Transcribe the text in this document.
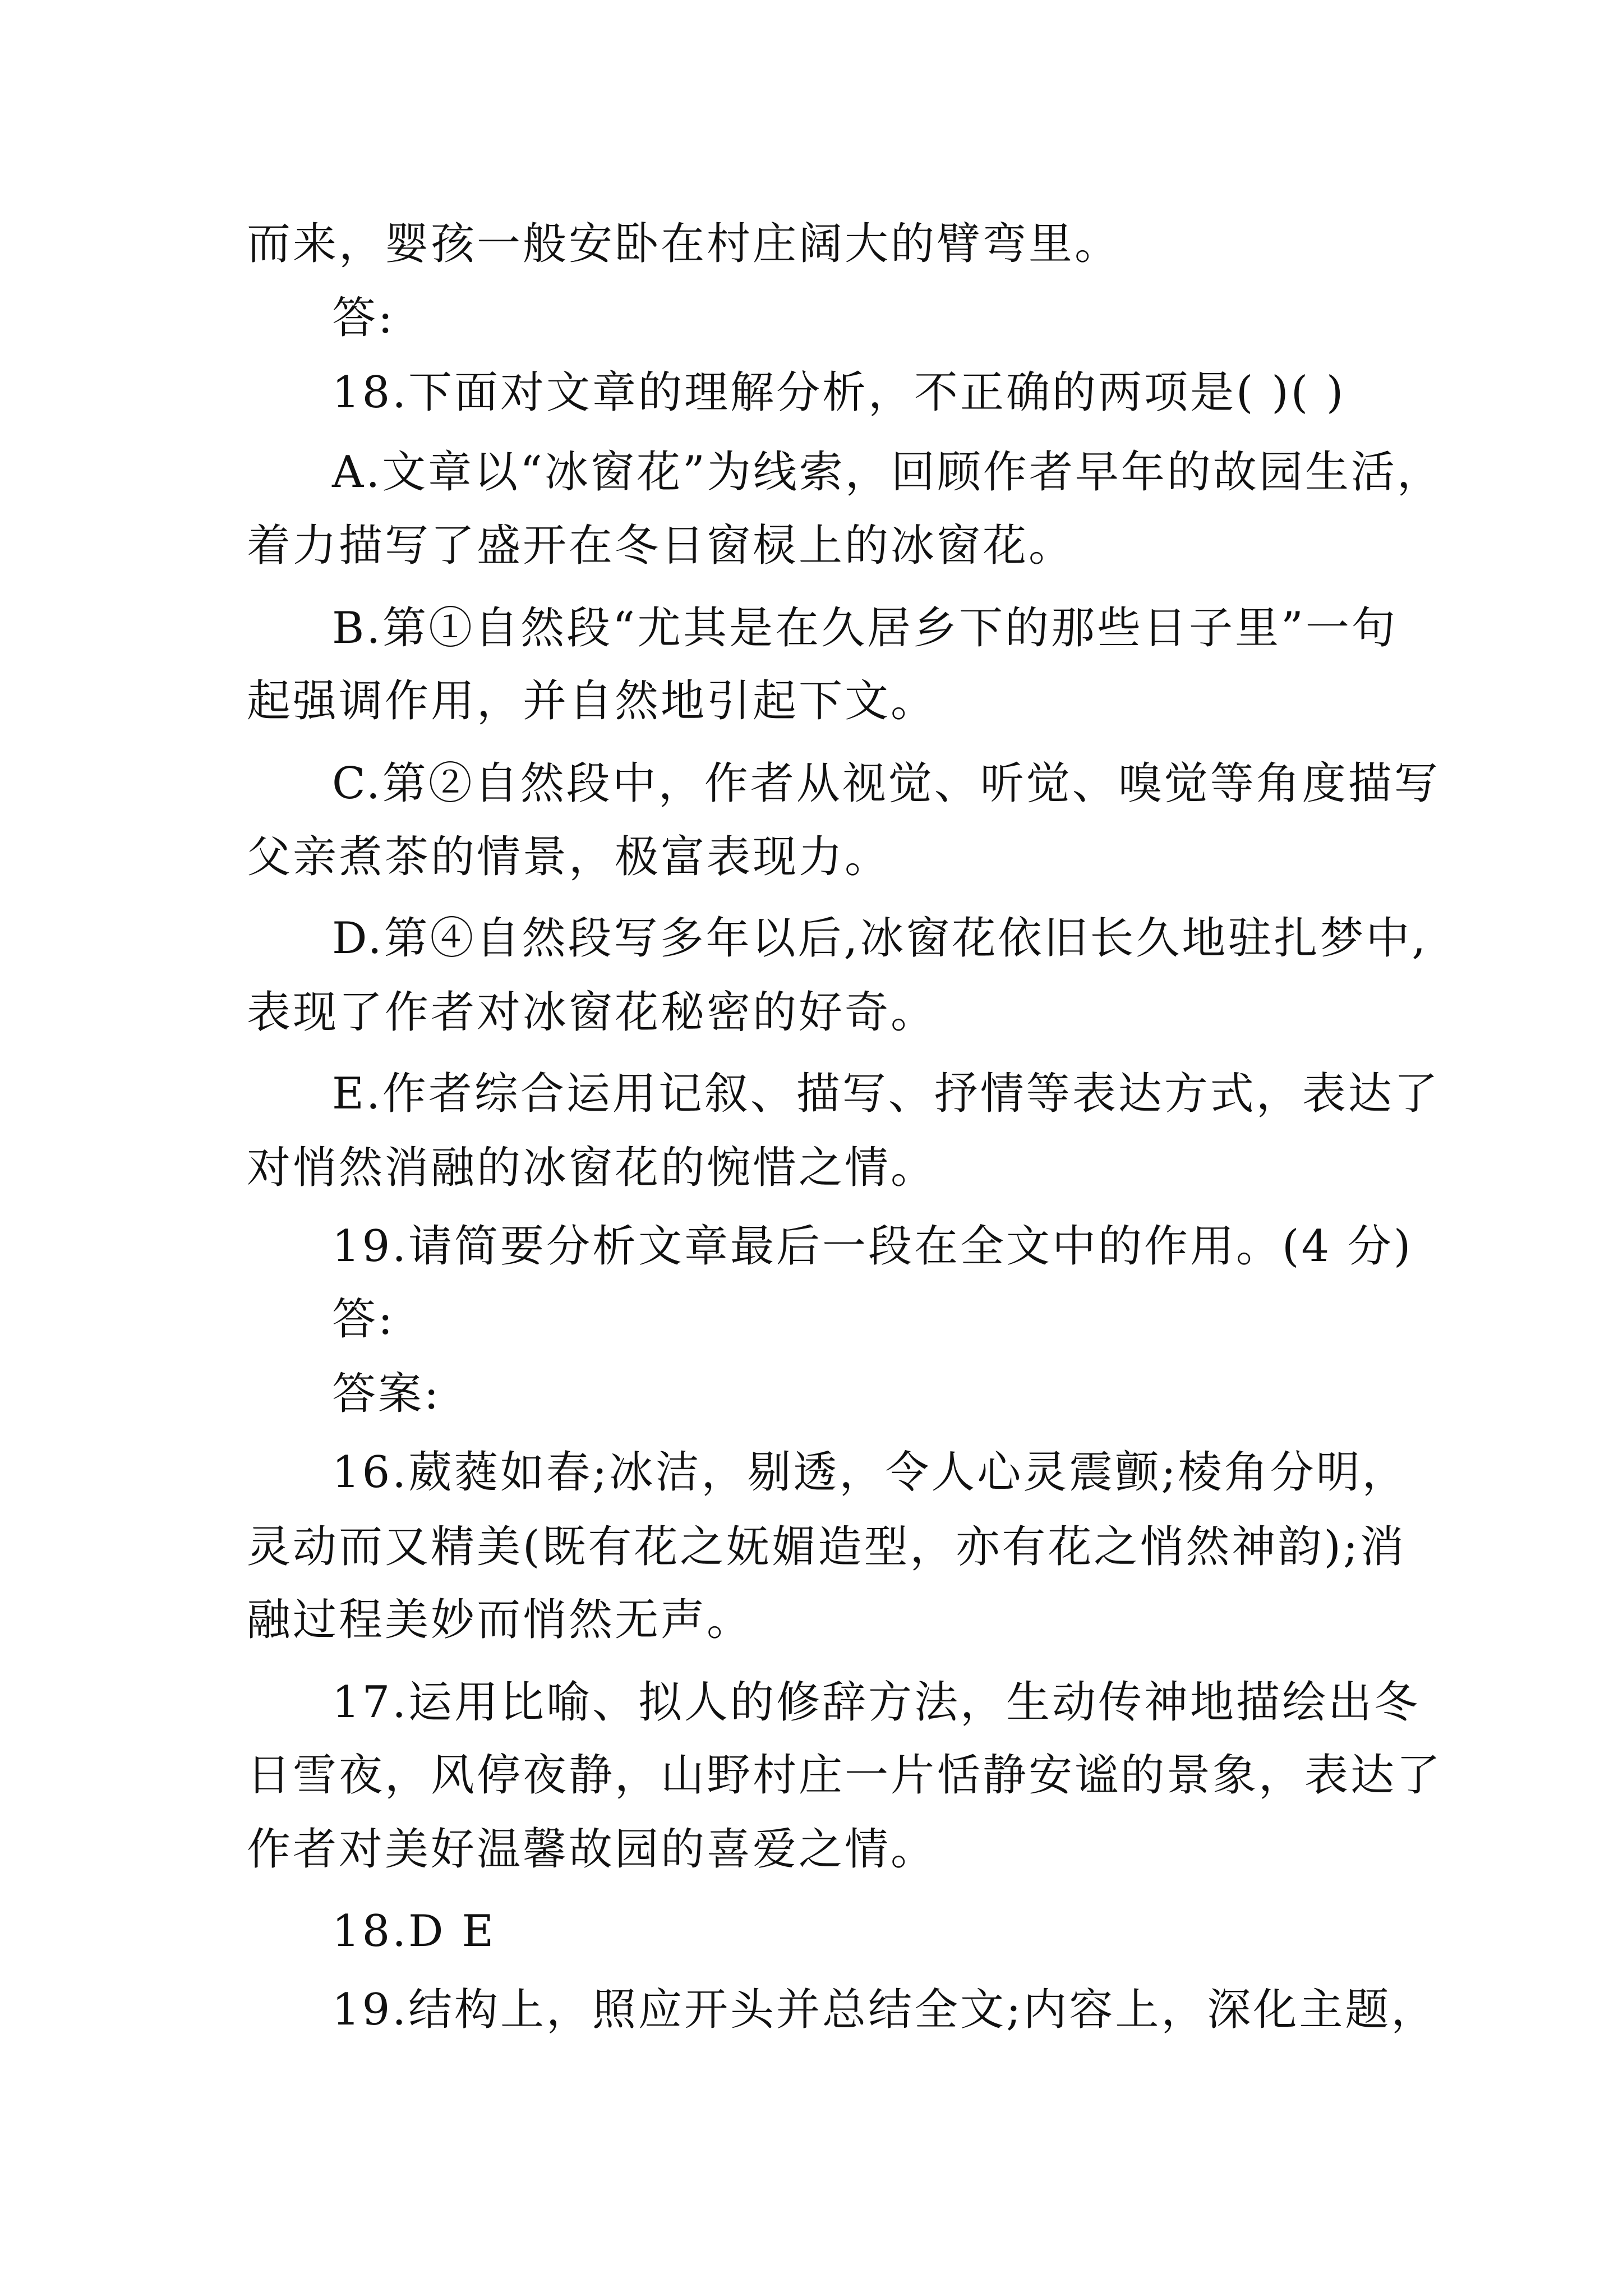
而来，婴孩一般安卧在村庄阔大的臂弯里。
答:
18.下面对文章的理解分析，不正确的两项是( )( )
A.文章以“冰窗花”为线索，回顾作者早年的故园生活，
着力描写了盛开在冬日窗棂上的冰窗花。
B.第①自然段“尤其是在久居乡下的那些日子里”一句
起强调作用，并自然地引起下文。
C.第②自然段中，作者从视觉、听觉、嗅觉等角度描写
父亲煮茶的情景，极富表现力。
D.第④自然段写多年以后,冰窗花依旧长久地驻扎梦中,
表现了作者对冰窗花秘密的好奇。
E.作者综合运用记叙、描写、抒情等表达方式，表达了
对悄然消融的冰窗花的惋惜之情。
19.请简要分析文章最后一段在全文中的作用。(4 分)
答:
答案:
16.葳蕤如春;冰洁，剔透，令人心灵震颤;棱角分明，
灵动而又精美(既有花之妩媚造型，亦有花之悄然神韵);消
融过程美妙而悄然无声。
17.运用比喻、拟人的修辞方法，生动传神地描绘出冬
日雪夜，风停夜静，山野村庄一片恬静安谧的景象，表达了
作者对美好温馨故园的喜爱之情。
18.D E
19.结构上，照应开头并总结全文;内容上，深化主题，
